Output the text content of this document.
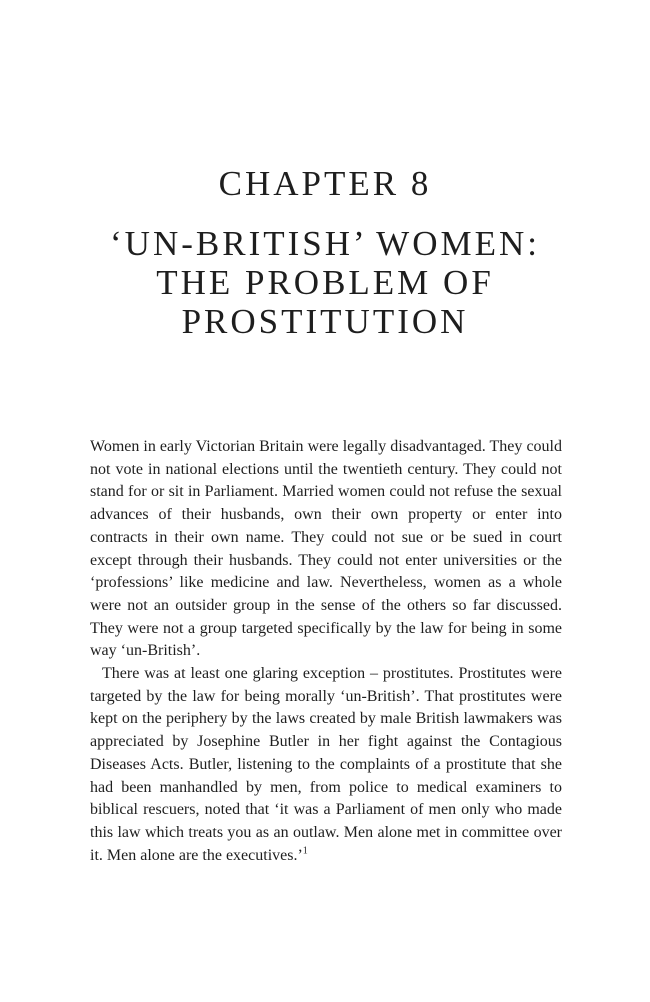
CHAPTER 8
‘UN-BRITISH’ WOMEN:
THE PROBLEM OF
PROSTITUTION

Women in early Victorian Britain were legally disadvantaged. They could not vote in national elections until the twentieth century. They could not stand for or sit in Parliament. Married women could not refuse the sexual advances of their husbands, own their own property or enter into contracts in their own name. They could not sue or be sued in court except through their husbands. They could not enter universities or the ‘professions’ like medicine and law. Nevertheless, women as a whole were not an outsider group in the sense of the others so far discussed. They were not a group targeted specifically by the law for being in some way ‘un-British’.

There was at least one glaring exception – prostitutes. Prostitutes were targeted by the law for being morally ‘un-British’. That prostitutes were kept on the periphery by the laws created by male British lawmakers was appreciated by Josephine Butler in her fight against the Contagious Diseases Acts. Butler, listening to the complaints of a prostitute that she had been manhandled by men, from police to medical examiners to biblical rescuers, noted that ‘it was a Parliament of men only who made this law which treats you as an outlaw. Men alone met in committee over it. Men alone are the executives.’$^1$
